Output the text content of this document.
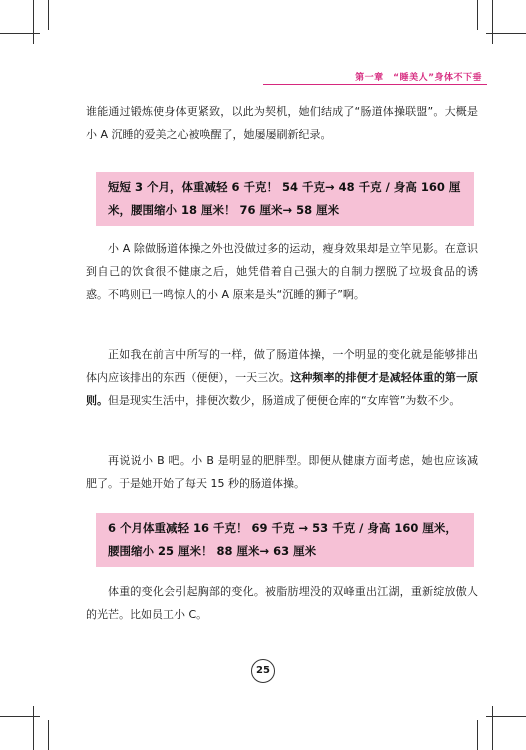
第一章　“睡美人”身体不下垂

谁能通过锻炼使身体更紧致，以此为契机，她们结成了“肠道体操联盟”。大概是小 A 沉睡的爱美之心被唤醒了，她屡屡刷新纪录。

短短 3 个月，体重减轻 6 千克！ 54 千克→ 48 千克 / 身高 160 厘米，腰围缩小 18 厘米！ 76 厘米→ 58 厘米

小 A 除做肠道体操之外也没做过多的运动，瘦身效果却是立竿见影。在意识到自己的饮食很不健康之后，她凭借着自己强大的自制力摆脱了垃圾食品的诱惑。不鸣则已一鸣惊人的小 A 原来是头“沉睡的狮子”啊。

正如我在前言中所写的一样，做了肠道体操，一个明显的变化就是能够排出体内应该排出的东西（便便），一天三次。这种频率的排便才是减轻体重的第一原则。但是现实生活中，排便次数少，肠道成了便便仓库的“女库管”为数不少。

再说说小 B 吧。小 B 是明显的肥胖型。即便从健康方面考虑，她也应该减肥了。于是她开始了每天 15 秒的肠道体操。

6 个月体重减轻 16 千克！ 69 千克 → 53 千克 / 身高 160 厘米，腰围缩小 25 厘米！ 88 厘米→ 63 厘米

体重的变化会引起胸部的变化。被脂肪埋没的双峰重出江湖，重新绽放傲人的光芒。比如员工小 C。

25
